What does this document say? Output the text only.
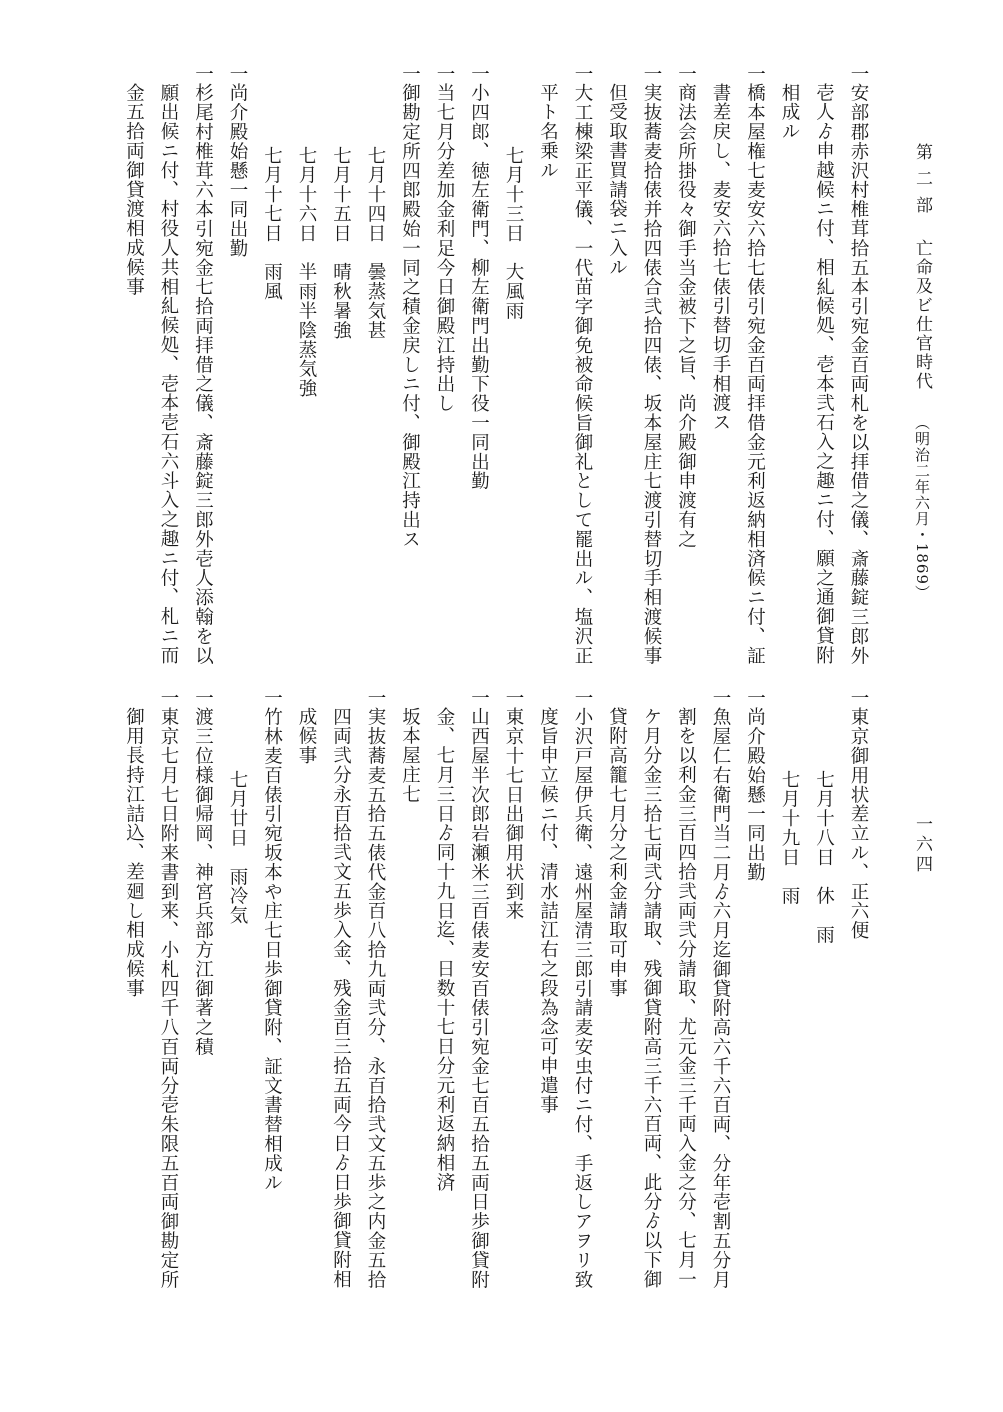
第 二 部亡命及ビ仕官時代（明治二年六月・1869）
一六四
一安部郡赤沢村椎茸拾五本引宛金百両札を以拝借之儀、斎藤錠三郎外
壱人ゟ申越候ニ付、相糺候処、壱本弐石入之趣ニ付、願之通御貸附
相成ル
一橋本屋権七麦安六拾七俵引宛金百両拝借金元利返納相済候ニ付、証
書差戻し、麦安六拾七俵引替切手相渡ス
一商法会所掛役々御手当金被下之旨、尚介殿御申渡有之
一実抜蕎麦拾俵并拾四俵合弐拾四俵、坂本屋庄七渡引替切手相渡候事
但受取書買請袋ニ入ル
一大工棟梁正平儀、一代苗字御免被命候旨御礼として罷出ル、塩沢正
平ト名乗ル
七月十三日　大風雨
一小四郎、徳左衛門、柳左衛門出勤下役一同出勤
一当七月分差加金利足今日御殿江持出し
一御勘定所四郎殿始一同之積金戻しニ付、御殿江持出ス
七月十四日　曇蒸気甚
七月十五日　晴秋暑強
七月十六日　半雨半陰蒸気強
七月十七日　雨風
一尚介殿始懸一同出勤
一杉尾村椎茸六本引宛金七拾両拝借之儀、斎藤錠三郎外壱人添翰を以
願出候ニ付、村役人共相糺候処、壱本壱石六斗入之趣ニ付、札ニ而
金五拾両御貸渡相成候事
一東京御用状差立ル、正六便
七月十八日　休　雨
七月十九日　雨
一尚介殿始懸一同出勤
一魚屋仁右衛門当二月ゟ六月迄御貸附高六千六百両、分年壱割五分月
割を以利金三百四拾弐両弐分請取、尤元金三千両入金之分、七月一
ケ月分金三拾七両弐分請取、残御貸附高三千六百両、此分ゟ以下御
貸附高籠七月分之利金請取可申事
一小沢戸屋伊兵衛、遠州屋清三郎引請麦安虫付ニ付、手返しアヲリ致
度旨申立候ニ付、清水詰江右之段為念可申遣事
一東京十七日出御用状到来
一山西屋半次郎岩瀬米三百俵麦安百俵引宛金七百五拾五両日歩御貸附
金、七月三日ゟ同十九日迄、日数十七日分元利返納相済
坂本屋庄七
一実抜蕎麦五拾五俵代金百八拾九両弐分、永百拾弐文五歩之内金五拾
四両弐分永百拾弐文五歩入金、残金百三拾五両今日ゟ日歩御貸附相
成候事
一竹林麦百俵引宛坂本や庄七日歩御貸附、証文書替相成ル
七月廿日　雨冷気
一渡三位様御帰岡、神宮兵部方江御著之積
一東京七月七日附来書到来、小札四千八百両分壱朱限五百両御勘定所
御用長持江詰込、差廻し相成候事
